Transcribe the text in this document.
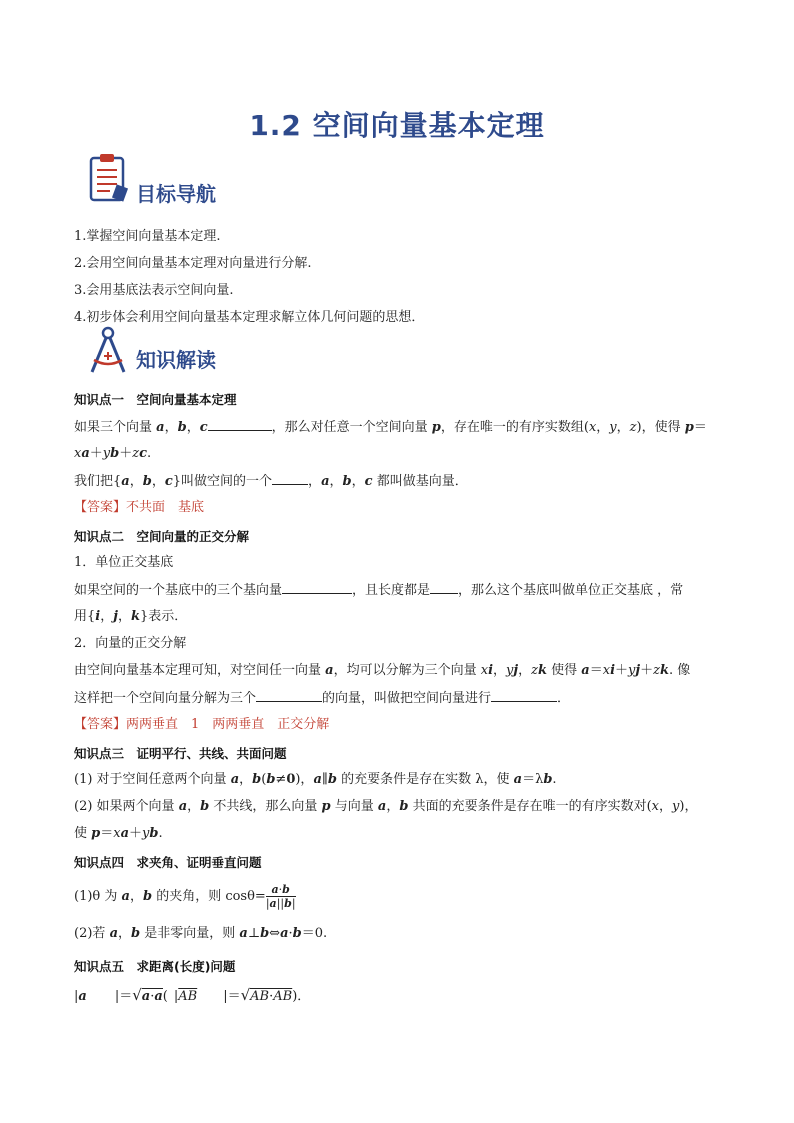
1.2 空间向量基本定理
目标导航
1.掌握空间向量基本定理.
2.会用空间向量基本定理对向量进行分解.
3.会用基底法表示空间向量.
4.初步体会利用空间向量基本定理求解立体几何问题的思想．
知识解读
知识点一　空间向量基本定理
如果三个向量 a，b，c	，那么对任意一个空间向量 p，存在唯一的有序实数组(x，y，z)，使得 p＝
xa＋yb＋zc.
我们把{a，b，c}叫做空间的一个	，a，b，c 都叫做基向量．
【答案】不共面　基底
知识点二　空间向量的正交分解
1．单位正交基底
如果空间的一个基底中的三个基向量	，且长度都是 ，那么这个基底叫做单位正交基底 ，常
用{i，j，k}表示．
2．向量的正交分解
由空间向量基本定理可知，对空间任一向量 a，均可以分解为三个向量 xi，yj，zk 使得 a＝xi＋yj＋zk. 像
这样把一个空间向量分解为三个	的向量，叫做把空间向量进行	．
【答案】两两垂直　1　两两垂直　正交分解
知识点三　证明平行、共线、共面问题
(1) 对于空间任意两个向量 a，b(b≠0)，a∥b 的充要条件是存在实数 λ，使 a＝λb.
(2) 如果两个向量 a，b 不共线，那么向量 p 与向量 a，b 共面的充要条件是存在唯一的有序实数对(x，y)，
使 p＝xa＋yb.
知识点四　求夹角、证明垂直问题
(1)θ 为 a，b 的夹角，则 $\cos\theta= \frac{a\cdot b}{|a||b|}$
(2)若 a，b 是非零向量，则 a⊥b⇔a·b＝0.
知识点五　求距离(长度)问题
|a |＝√a·a( $|\overline{AB}$ $|=√AB\cdot\overline{AB}$)．
